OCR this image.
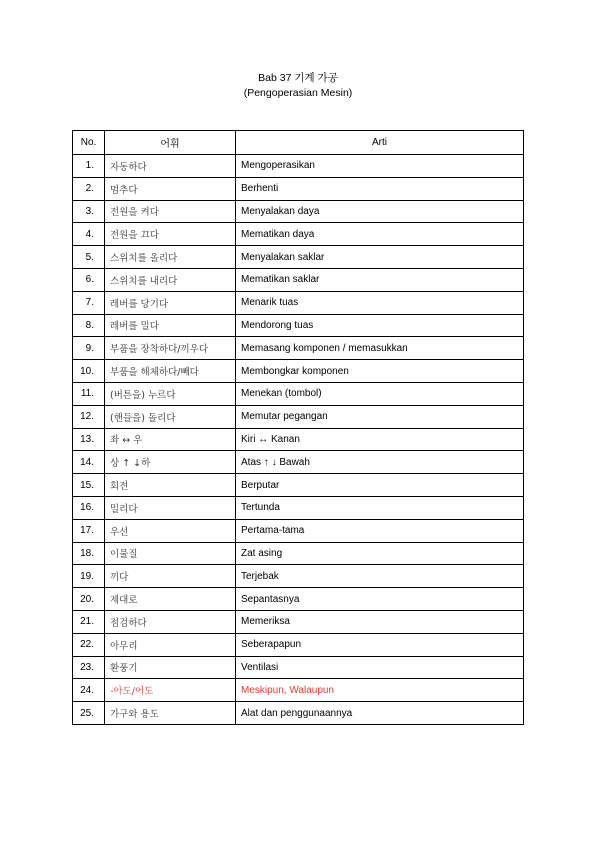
Bab 37 기계 가공
(Pengoperasian Mesin)
No.	어휘	Arti
1.	자동하다	Mengoperasikan
2.	멈추다	Berhenti
3.	전원을 켜다	Menyalakan daya
4.	전원을 끄다	Mematikan daya
5.	스위치를 올리다	Menyalakan saklar
6.	스위치를 내리다	Mematikan saklar
7.	레버를 당기다	Menarik tuas
8.	레버를 밀다	Mendorong tuas
9.	부품을 장착하다/끼우다	Memasang komponen / memasukkan
10.	부품을 해체하다/빼다	Membongkar komponen
11.	(버튼을) 누르다	Menekan (tombol)
12.	(핸들을) 돌리다	Memutar pegangan
13.	좌 ↔ 우	Kiri ↔ Kanan
14.	상 ↑ ↓하	Atas ↑ ↓ Bawah
15.	회전	Berputar
16.	밀리다	Tertunda
17.	우선	Pertama-tama
18.	이물질	Zat asing
19.	끼다	Terjebak
20.	제대로	Sepantasnya
21.	점검하다	Memeriksa
22.	아무리	Seberapapun
23.	환풍기	Ventilasi
24.	-아도/어도	Meskipun, Walaupun
25.	가구와 용도	Alat dan penggunaannya
